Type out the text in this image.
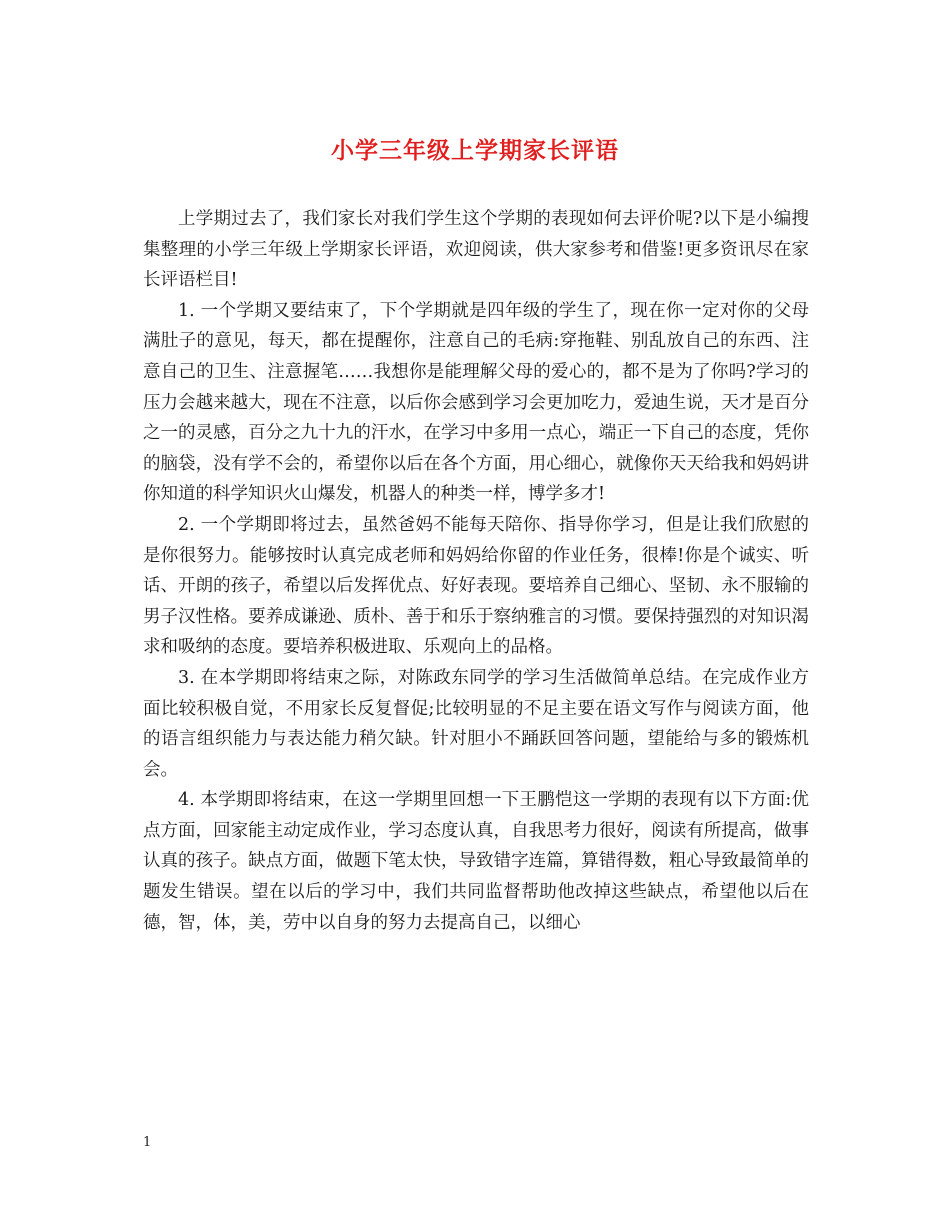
小学三年级上学期家长评语

上学期过去了，我们家长对我们学生这个学期的表现如何去评价呢?以下是小编搜集整理的小学三年级上学期家长评语，欢迎阅读，供大家参考和借鉴!更多资讯尽在家长评语栏目!

1. 一个学期又要结束了，下个学期就是四年级的学生了，现在你一定对你的父母满肚子的意见，每天，都在提醒你，注意自己的毛病:穿拖鞋、别乱放自己的东西、注意自己的卫生、注意握笔……我想你是能理解父母的爱心的，都不是为了你吗?学习的压力会越来越大，现在不注意，以后你会感到学习会更加吃力，爱迪生说，天才是百分之一的灵感，百分之九十九的汗水，在学习中多用一点心，端正一下自己的态度，凭你的脑袋，没有学不会的，希望你以后在各个方面，用心细心，就像你天天给我和妈妈讲你知道的科学知识火山爆发，机器人的种类一样，博学多才!

2. 一个学期即将过去，虽然爸妈不能每天陪你、指导你学习，但是让我们欣慰的是你很努力。能够按时认真完成老师和妈妈给你留的作业任务，很棒!你是个诚实、听话、开朗的孩子，希望以后发挥优点、好好表现。要培养自己细心、坚韧、永不服输的男子汉性格。要养成谦逊、质朴、善于和乐于察纳雅言的习惯。要保持强烈的对知识渴求和吸纳的态度。要培养积极进取、乐观向上的品格。

3. 在本学期即将结束之际，对陈政东同学的学习生活做简单总结。在完成作业方面比较积极自觉，不用家长反复督促;比较明显的不足主要在语文写作与阅读方面，他的语言组织能力与表达能力稍欠缺。针对胆小不踊跃回答问题，望能给与多的锻炼机会。

4. 本学期即将结束，在这一学期里回想一下王鹏恺这一学期的表现有以下方面:优点方面，回家能主动定成作业，学习态度认真，自我思考力很好，阅读有所提高，做事认真的孩子。缺点方面，做题下笔太快，导致错字连篇，算错得数，粗心导致最简单的题发生错误。望在以后的学习中，我们共同监督帮助他改掉这些缺点，希望他以后在德，智，体，美，劳中以自身的努力去提高自己，以细心

1
